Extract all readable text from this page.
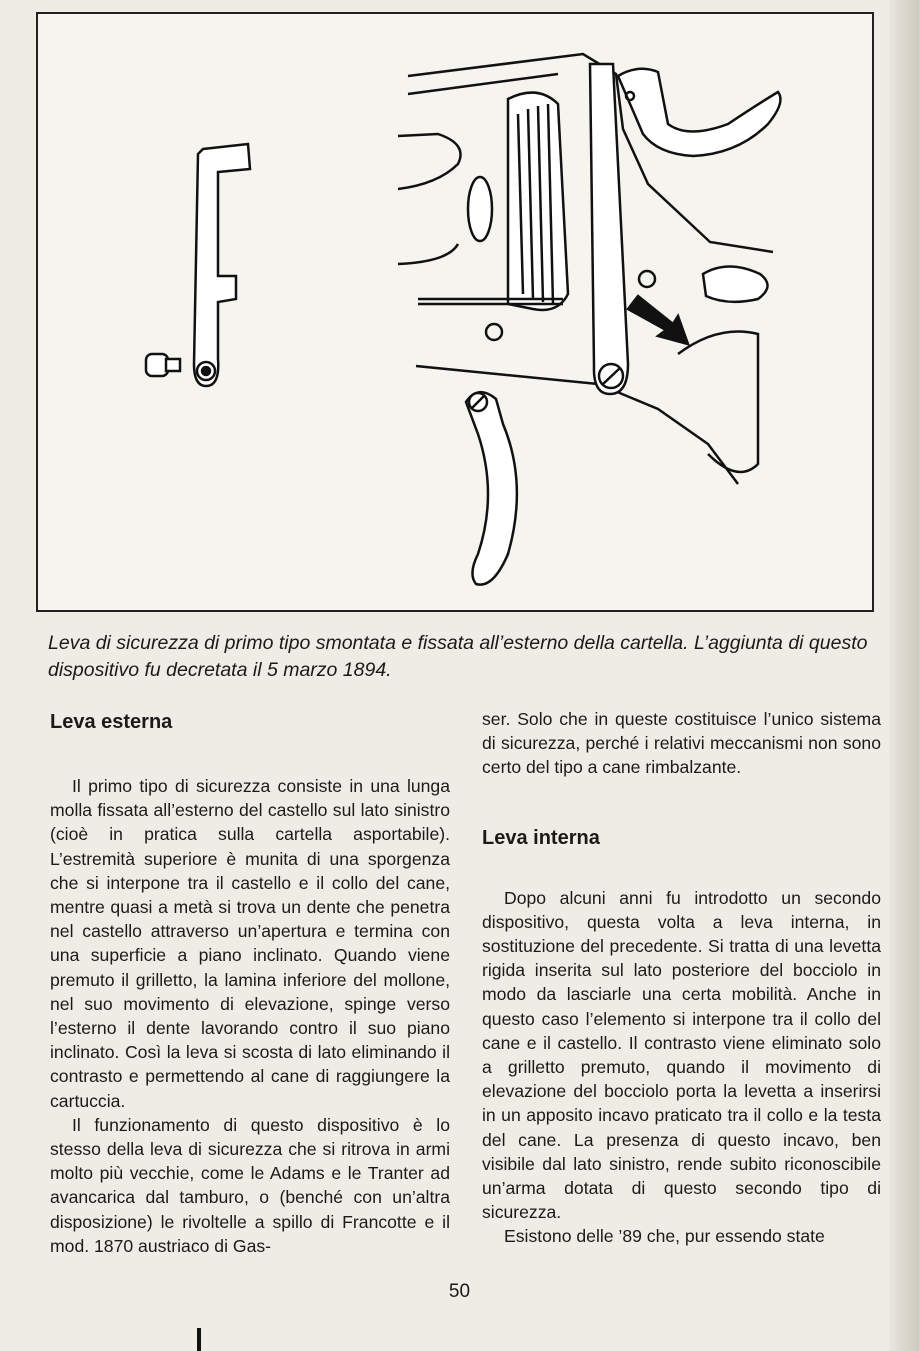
Leva di sicurezza di primo tipo smontata e fissata all’esterno della cartella. L’aggiunta di questo dispositivo fu decretata il 5 marzo 1894.

Leva esterna

Il primo tipo di sicurezza consiste in una lunga molla fissata all’esterno del castello sul lato sinistro (cioè in pratica sulla cartella asportabile). L’estremità superiore è munita di una sporgenza che si interpone tra il castello e il collo del cane, mentre quasi a metà si trova un dente che penetra nel castello attraverso un’apertura e termina con una superficie a piano inclinato. Quando viene premuto il grilletto, la lamina inferiore del mollone, nel suo movimento di elevazione, spinge verso l’esterno il dente lavorando contro il suo piano inclinato. Così la leva si scosta di lato eliminando il contrasto e permettendo al cane di raggiungere la cartuccia.

Il funzionamento di questo dispositivo è lo stesso della leva di sicurezza che si ritrova in armi molto più vecchie, come le Adams e le Tranter ad avancarica dal tamburo, o (benché con un’altra disposizione) le rivoltelle a spillo di Francotte e il mod. 1870 austriaco di Gas-

ser. Solo che in queste costituisce l’unico sistema di sicurezza, perché i relativi meccanismi non sono certo del tipo a cane rimbalzante.

Leva interna

Dopo alcuni anni fu introdotto un secondo dispositivo, questa volta a leva interna, in sostituzione del precedente. Si tratta di una levetta rigida inserita sul lato posteriore del bocciolo in modo da lasciarle una certa mobilità. Anche in questo caso l’elemento si interpone tra il collo del cane e il castello. Il contrasto viene eliminato solo a grilletto premuto, quando il movimento di elevazione del bocciolo porta la levetta a inserirsi in un apposito incavo praticato tra il collo e la testa del cane. La presenza di questo incavo, ben visibile dal lato sinistro, rende subito riconoscibile un’arma dotata di questo secondo tipo di sicurezza.

Esistono delle ’89 che, pur essendo state

50
